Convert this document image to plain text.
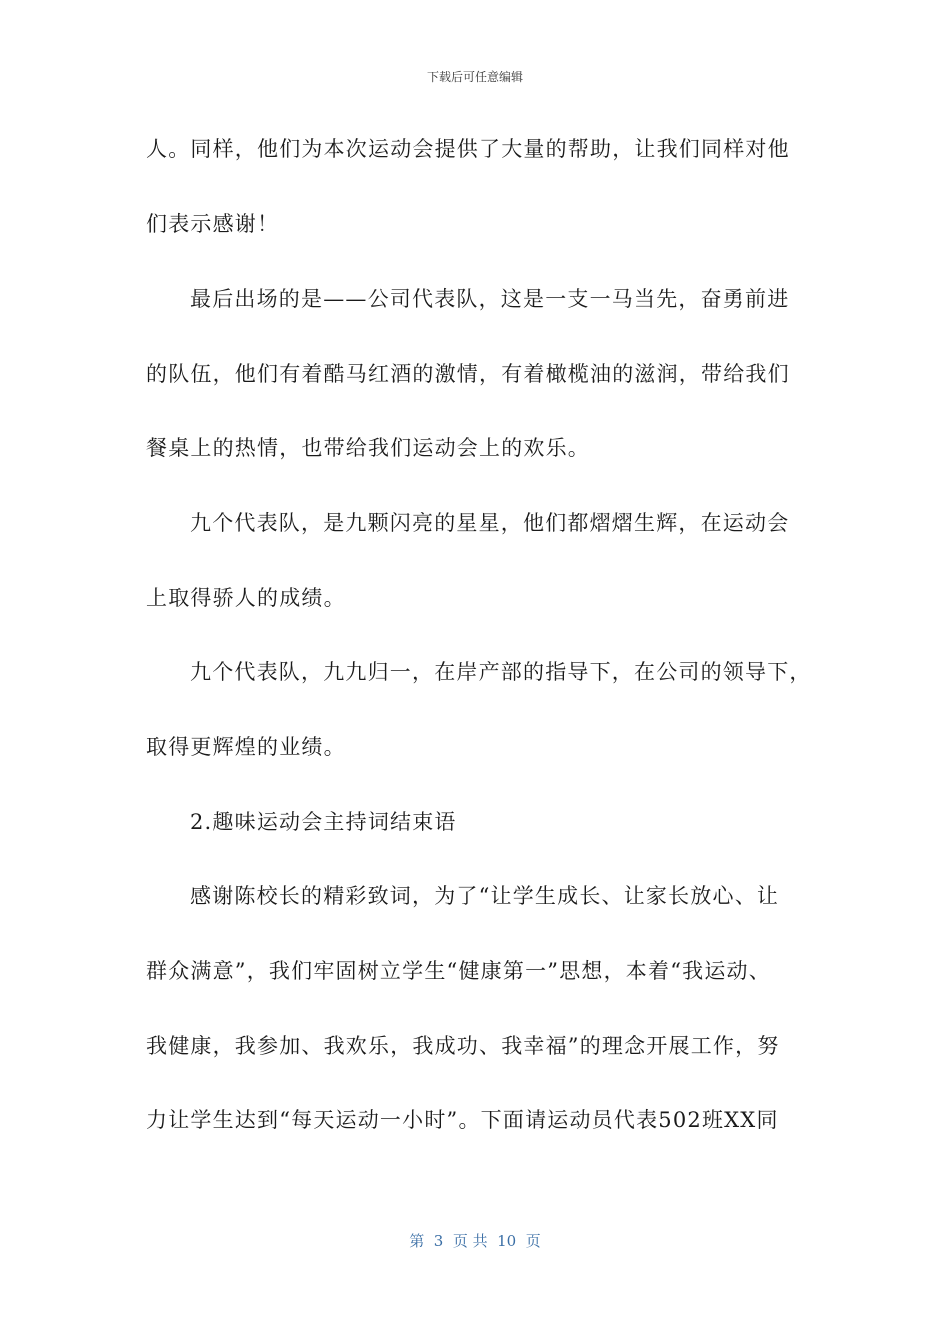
下载后可任意编辑
人。同样，他们为本次运动会提供了大量的帮助，让我们同样对他
们表示感谢！
最后出场的是——公司代表队，这是一支一马当先，奋勇前进
的队伍，他们有着酷马红酒的激情，有着橄榄油的滋润，带给我们
餐桌上的热情，也带给我们运动会上的欢乐。
九个代表队，是九颗闪亮的星星，他们都熠熠生辉，在运动会
上取得骄人的成绩。
九个代表队，九九归一，在岸产部的指导下，在公司的领导下，
取得更辉煌的业绩。
2.趣味运动会主持词结束语
感谢陈校长的精彩致词，为了“让学生成长、让家长放心、让
群众满意”，我们牢固树立学生“健康第一”思想，本着“我运动、
我健康，我参加、我欢乐，我成功、我幸福”的理念开展工作，努
力让学生达到“每天运动一小时”。下面请运动员代表502班XX同
第  3  页 共  10  页
